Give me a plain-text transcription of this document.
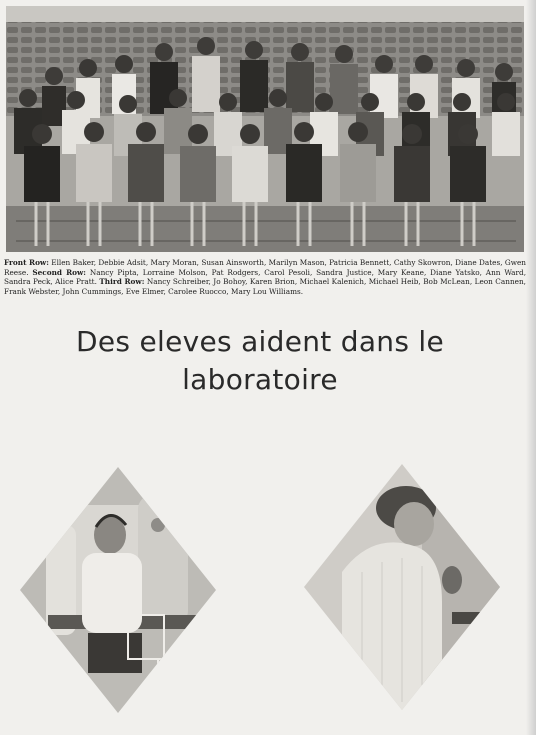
Front Row: Ellen Baker, Debbie Adsit, Mary Moran, Susan Ainsworth, Marilyn Mason, Patricia Bennett, Cathy Skowron, Diane Dates, Gwen Reese. Second Row: Nancy Pipta, Lorraine Molson, Pat Rodgers, Carol Pesoli, Sandra Justice, Mary Keane, Diane Yatsko, Ann Ward, Sandra Peck, Alice Pratt. Third Row: Nancy Schreiber, Jo Bohoy, Karen Brion, Michael Kalenich, Michael Heib, Bob McLean, Leon Cannen, Frank Webster, John Cummings, Eve Elmer, Carolee Ruocco, Mary Lou Williams.
Des eleves aident dans le
laboratoire
